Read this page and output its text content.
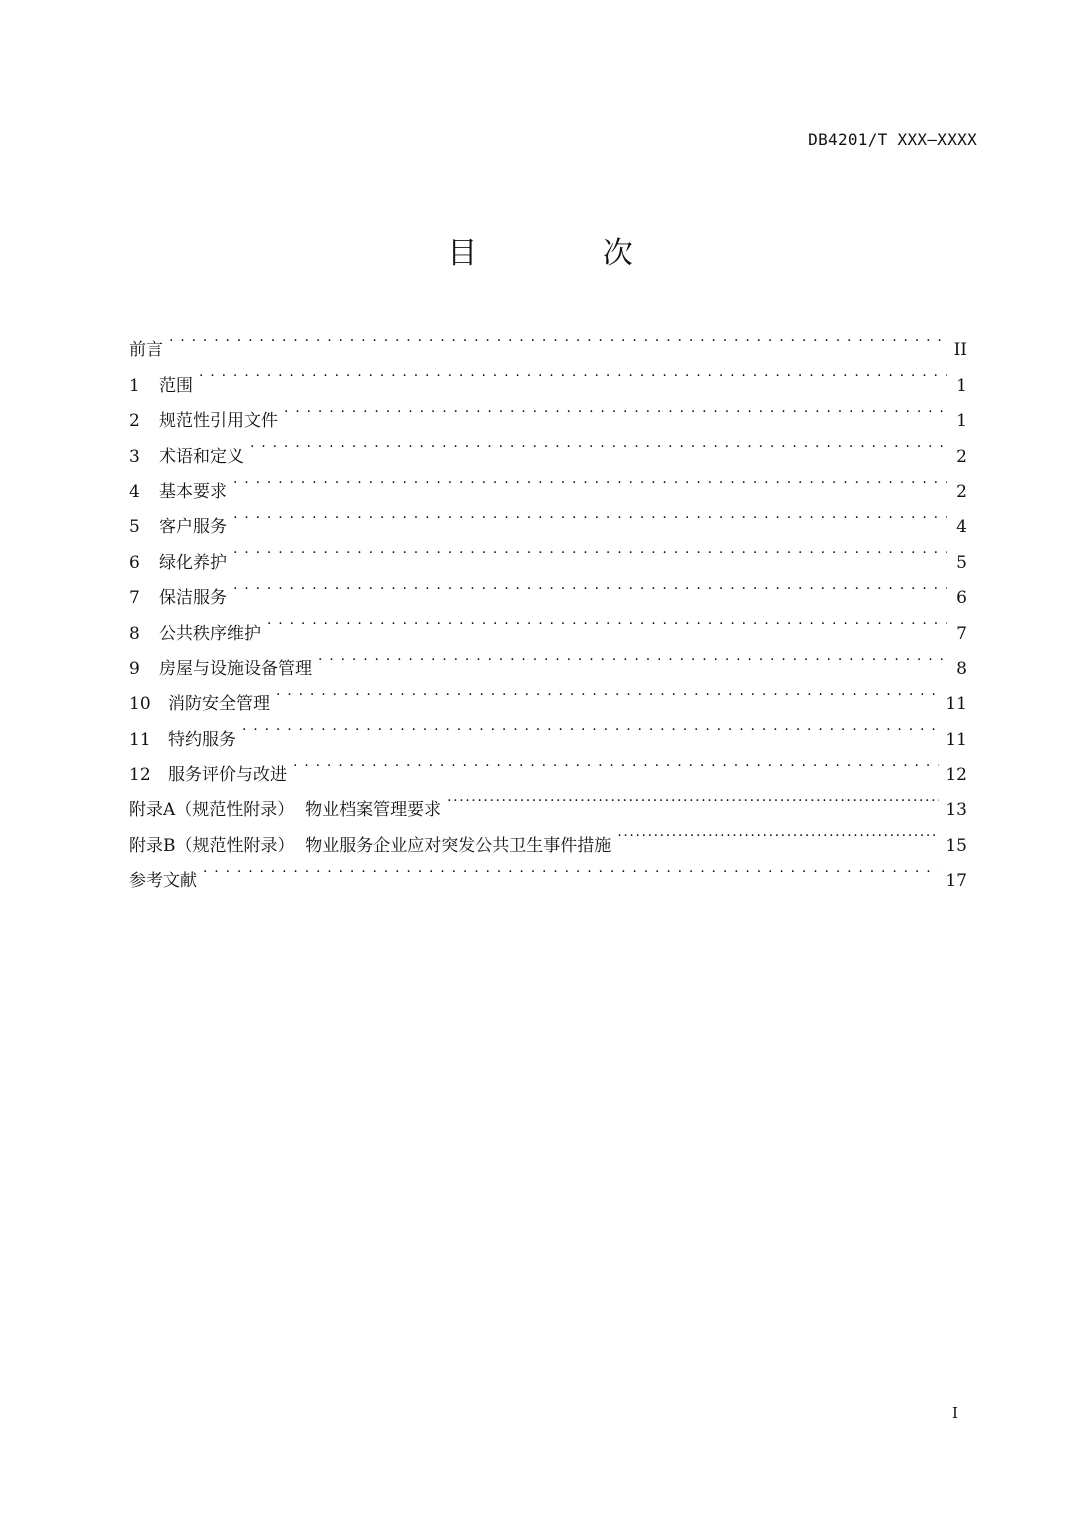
DB4201/T XXX—XXXX
目 次
前言 . . .	II
1	范围 . . .	1
2	规范性引用文件 . . .	1
3	术语和定义 . . .	2
4	基本要求 . . .	2
5	客户服务 . . .	4
6	绿化养护 . . .	5
7	保洁服务 . . .	6
8	公共秩序维护 . . .	7
9	房屋与设施设备管理 . . .	8
10	消防安全管理 . . .	11
11	特约服务 . . .	11
12	服务评价与改进 . . .	12
附录A（规范性附录）  物业档案管理要求 .....	13
附录B（规范性附录）  物业服务企业应对突发公共卫生事件措施 .....	15
参考文献 . . .	17
I
